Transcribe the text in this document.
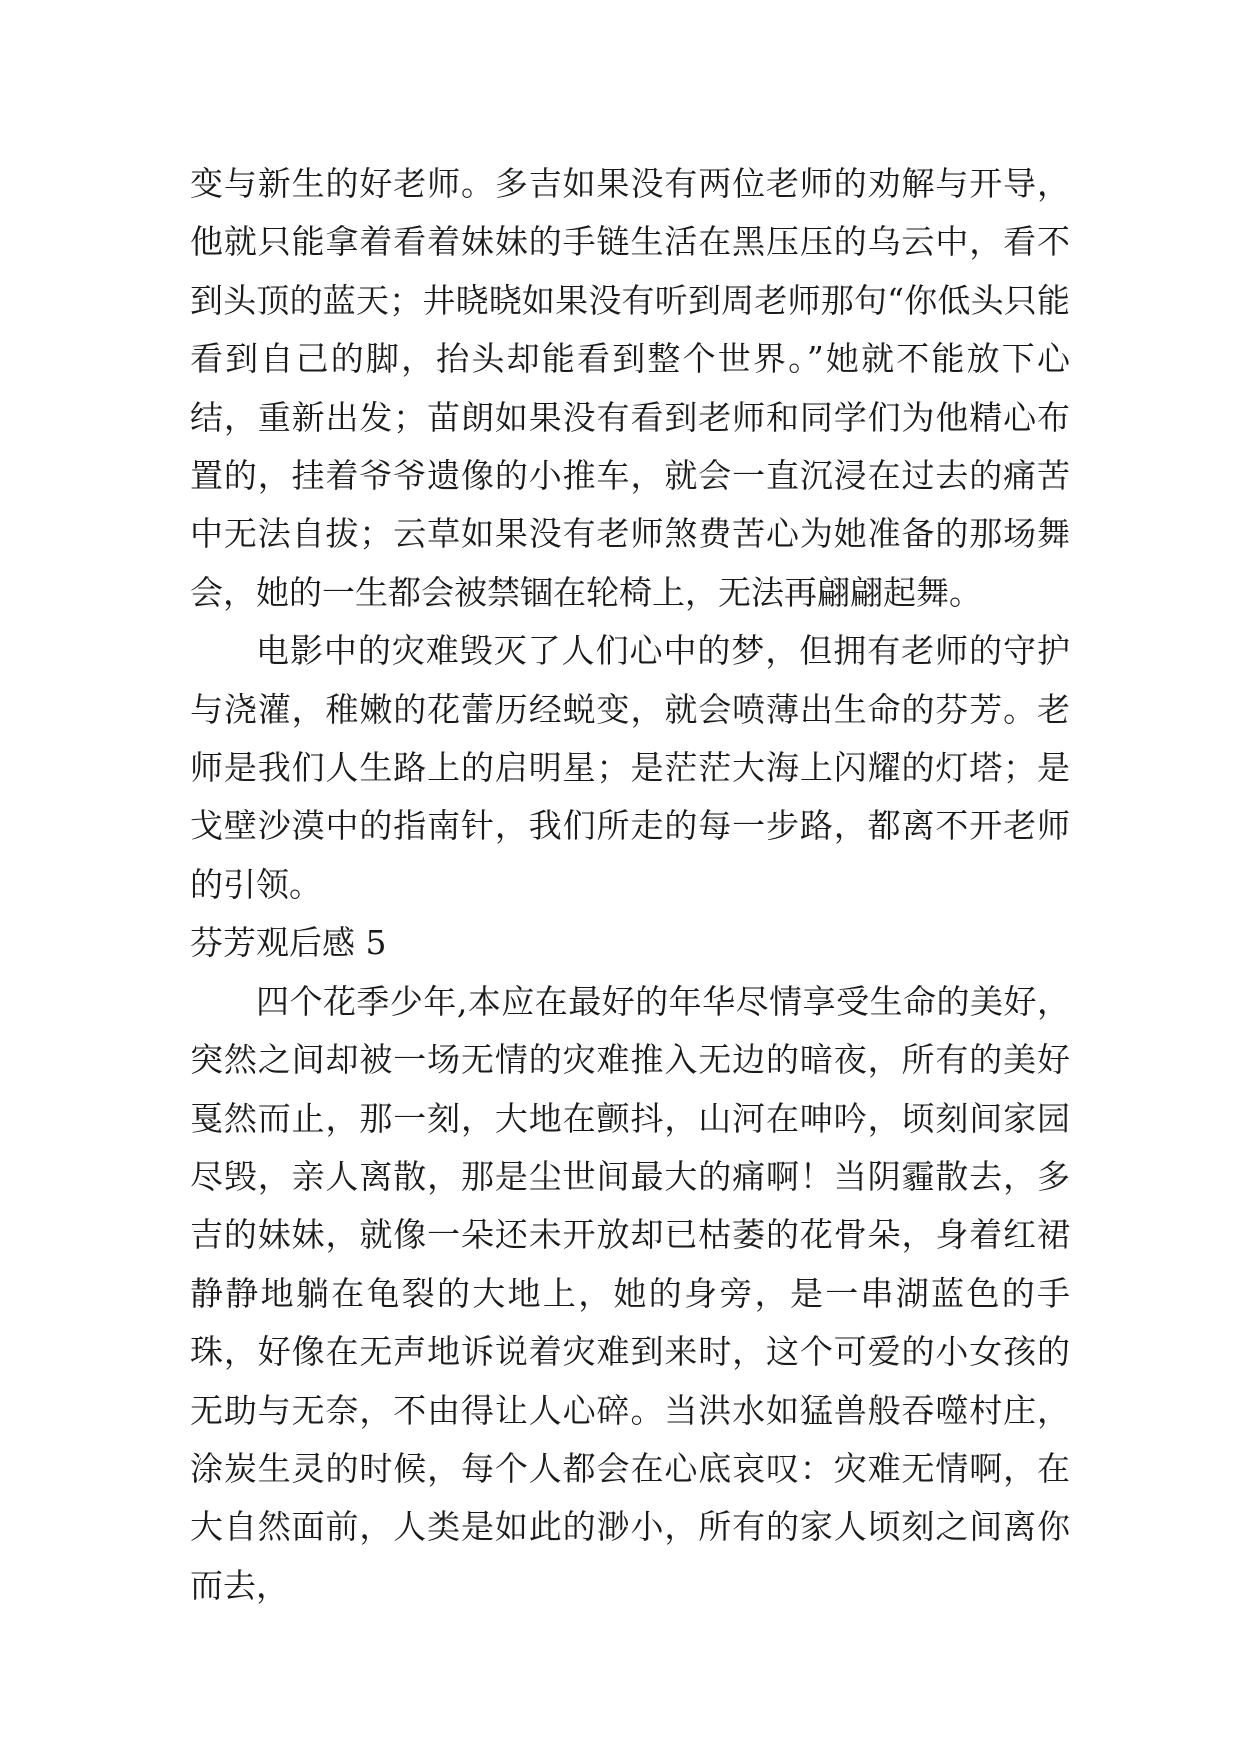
变与新生的好老师。多吉如果没有两位老师的劝解与开导，他就只能拿着看着妹妹的手链生活在黑压压的乌云中，看不到头顶的蓝天；井晓晓如果没有听到周老师那句“你低头只能看到自己的脚，抬头却能看到整个世界。”她就不能放下心结，重新出发；苗朗如果没有看到老师和同学们为他精心布置的，挂着爷爷遗像的小推车，就会一直沉浸在过去的痛苦中无法自拔；云草如果没有老师煞费苦心为她准备的那场舞会，她的一生都会被禁锢在轮椅上，无法再翩翩起舞。

电影中的灾难毁灭了人们心中的梦，但拥有老师的守护与浇灌，稚嫩的花蕾历经蜕变，就会喷薄出生命的芬芳。老师是我们人生路上的启明星；是茫茫大海上闪耀的灯塔；是戈壁沙漠中的指南针，我们所走的每一步路，都离不开老师的引领。

芬芳观后感 5

四个花季少年,本应在最好的年华尽情享受生命的美好，突然之间却被一场无情的灾难推入无边的暗夜，所有的美好戛然而止，那一刻，大地在颤抖，山河在呻吟，顷刻间家园尽毁，亲人离散，那是尘世间最大的痛啊！当阴霾散去，多吉的妹妹，就像一朵还未开放却已枯萎的花骨朵，身着红裙静静地躺在龟裂的大地上，她的身旁，是一串湖蓝色的手珠，好像在无声地诉说着灾难到来时，这个可爱的小女孩的无助与无奈，不由得让人心碎。当洪水如猛兽般吞噬村庄，涂炭生灵的时候，每个人都会在心底哀叹：灾难无情啊，在大自然面前，人类是如此的渺小，所有的家人顷刻之间离你而去，
